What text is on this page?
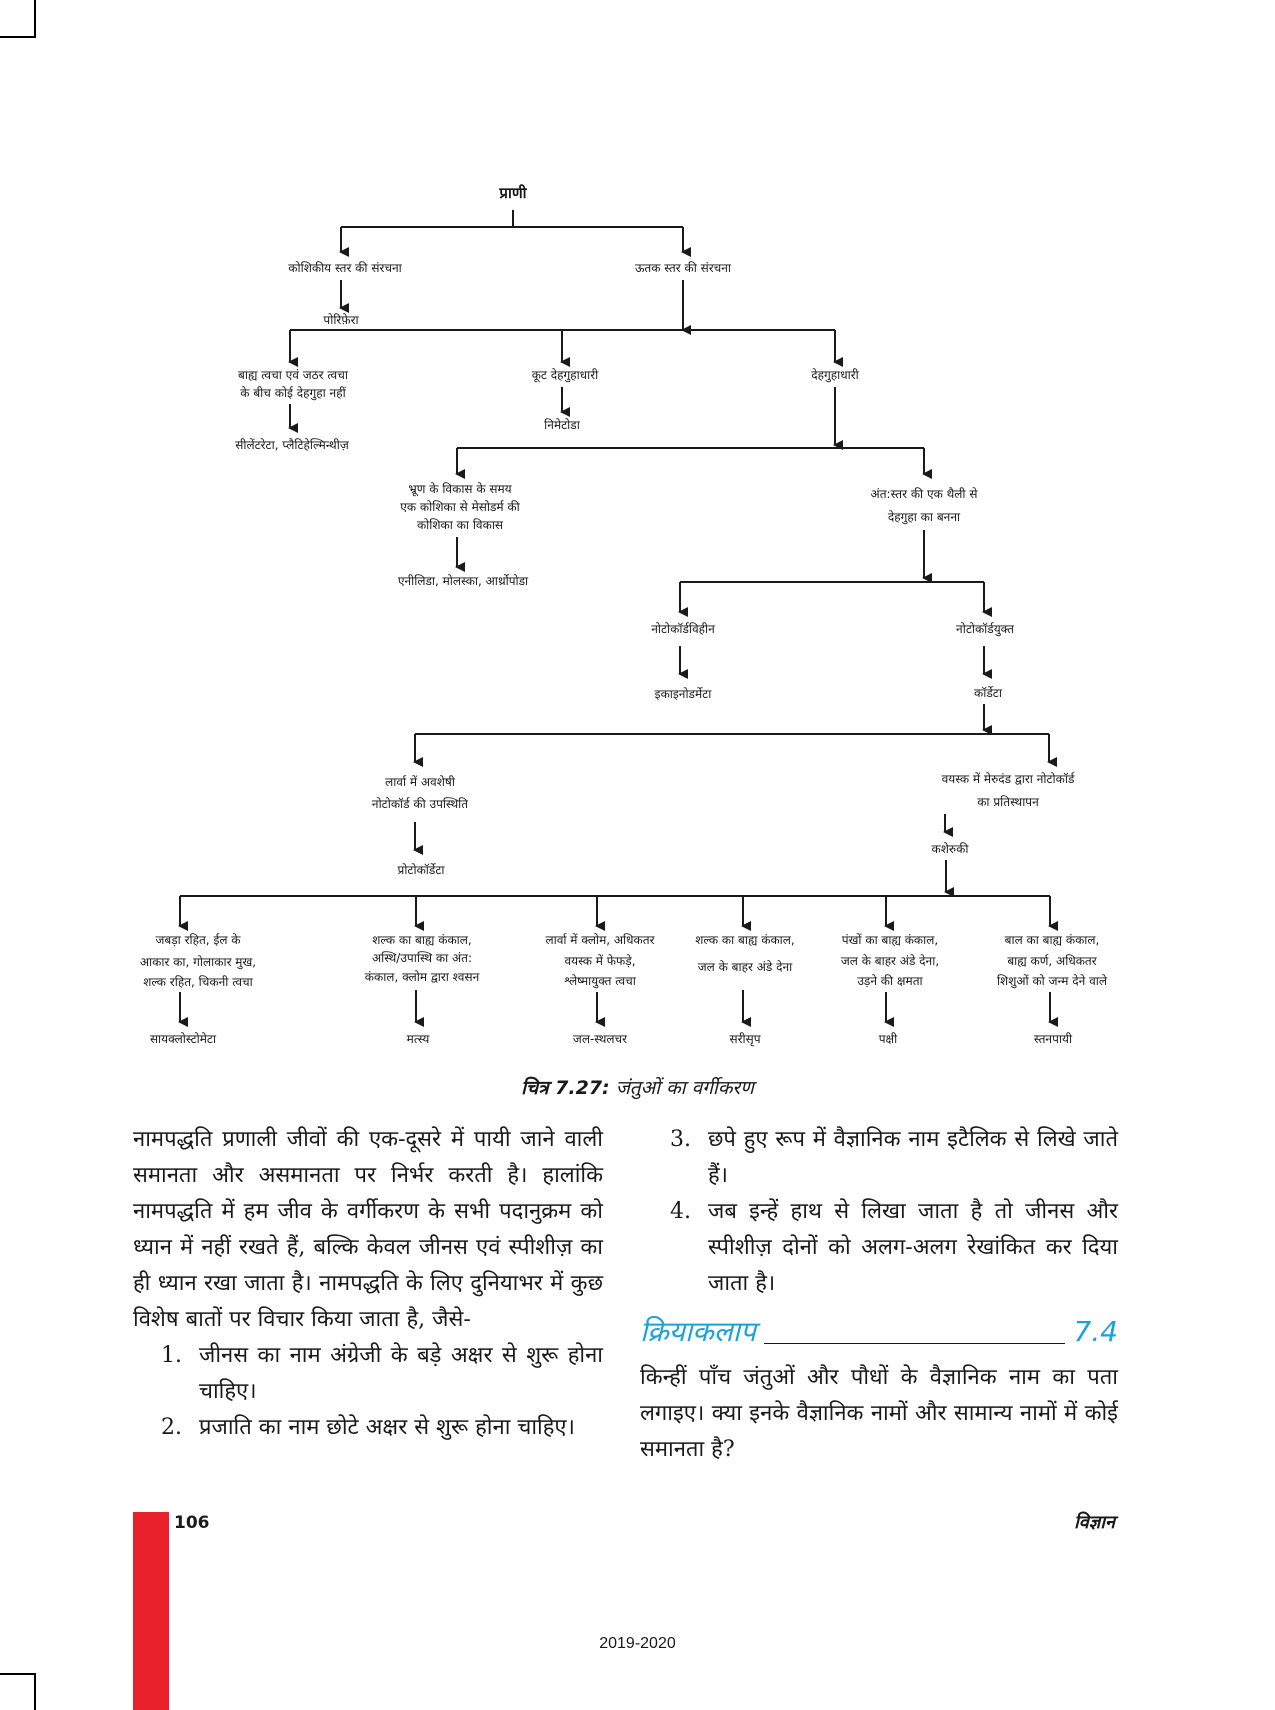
प्राणी
कोशिकीय स्तर की संरचना	ऊतक स्तर की संरचना
पोरिफ़ेरा
बाह्य त्वचा एवं जठर त्वचा
के बीच कोई देहगुहा नहीं
कूट देहगुहाधारी	देहगुहाधारी
सीलेंटरेटा, प्लैटिहेल्मिन्थीज़
निमेटोडा
भ्रूण के विकास के समय
एक कोशिका से मेसोडर्म की
कोशिका का विकास
अंत:स्तर की एक थैली से
देहगुहा का बनना
एनीलिडा, मोलस्का, आर्थ्रोपोडा
नोटोकॉर्डविहीन	नोटोकॉर्डयुक्त
इकाइनोडर्मेटा	कॉर्डेटा
लार्वा में अवशेषी
नोटोकॉर्ड की उपस्थिति
वयस्क में मेरुदंड द्वारा नोटोकॉर्ड
का प्रतिस्थापन
प्रोटोकॉर्डेटा
कशेरुकी
जबड़ा रहित, ईल के
आकार का, गोलाकार मुख,
शल्क रहित, चिकनी त्वचा
शल्क का बाह्य कंकाल,
अस्थि/उपास्थि का अंत:
कंकाल, क्लोम द्वारा श्वसन
लार्वा में क्लोम, अधिकतर
वयस्क में फेफड़े,
श्लेष्मायुक्त त्वचा
शल्क का बाह्य कंकाल,
जल के बाहर अंडे देना
पंखों का बाह्य कंकाल,
जल के बाहर अंडे देना,
उड़ने की क्षमता
बाल का बाह्य कंकाल,
बाह्य कर्ण, अधिकतर
शिशुओं को जन्म देने वाले
सायक्लोस्टोमेटा	मत्स्य	जल-स्थलचर	सरीसृप	पक्षी	स्तनपायी
चित्र 7.27: जंतुओं का वर्गीकरण

नामपद्धति प्रणाली जीवों की एक-दूसरे में पायी जाने वाली समानता और असमानता पर निर्भर करती है। हालांकि नामपद्धति में हम जीव के वर्गीकरण के सभी पदानुक्रम को ध्यान में नहीं रखते हैं, बल्कि केवल जीनस एवं स्पीशीज़ का ही ध्यान रखा जाता है। नामपद्धति के लिए दुनियाभर में कुछ विशेष बातों पर विचार किया जाता है, जैसे-

1. जीनस का नाम अंग्रेजी के बड़े अक्षर से शुरू होना चाहिए।
2. प्रजाति का नाम छोटे अक्षर से शुरू होना चाहिए।
3. छपे हुए रूप में वैज्ञानिक नाम इटैलिक से लिखे जाते हैं।
4. जब इन्हें हाथ से लिखा जाता है तो जीनस और स्पीशीज़ दोनों को अलग-अलग रेखांकित कर दिया जाता है।
क्रियाकलाप	7.4

किन्हीं पाँच जंतुओं और पौधों के वैज्ञानिक नाम का पता लगाइए। क्या इनके वैज्ञानिक नामों और सामान्य नामों में कोई समानता है?

106	विज्ञान
2019-2020
